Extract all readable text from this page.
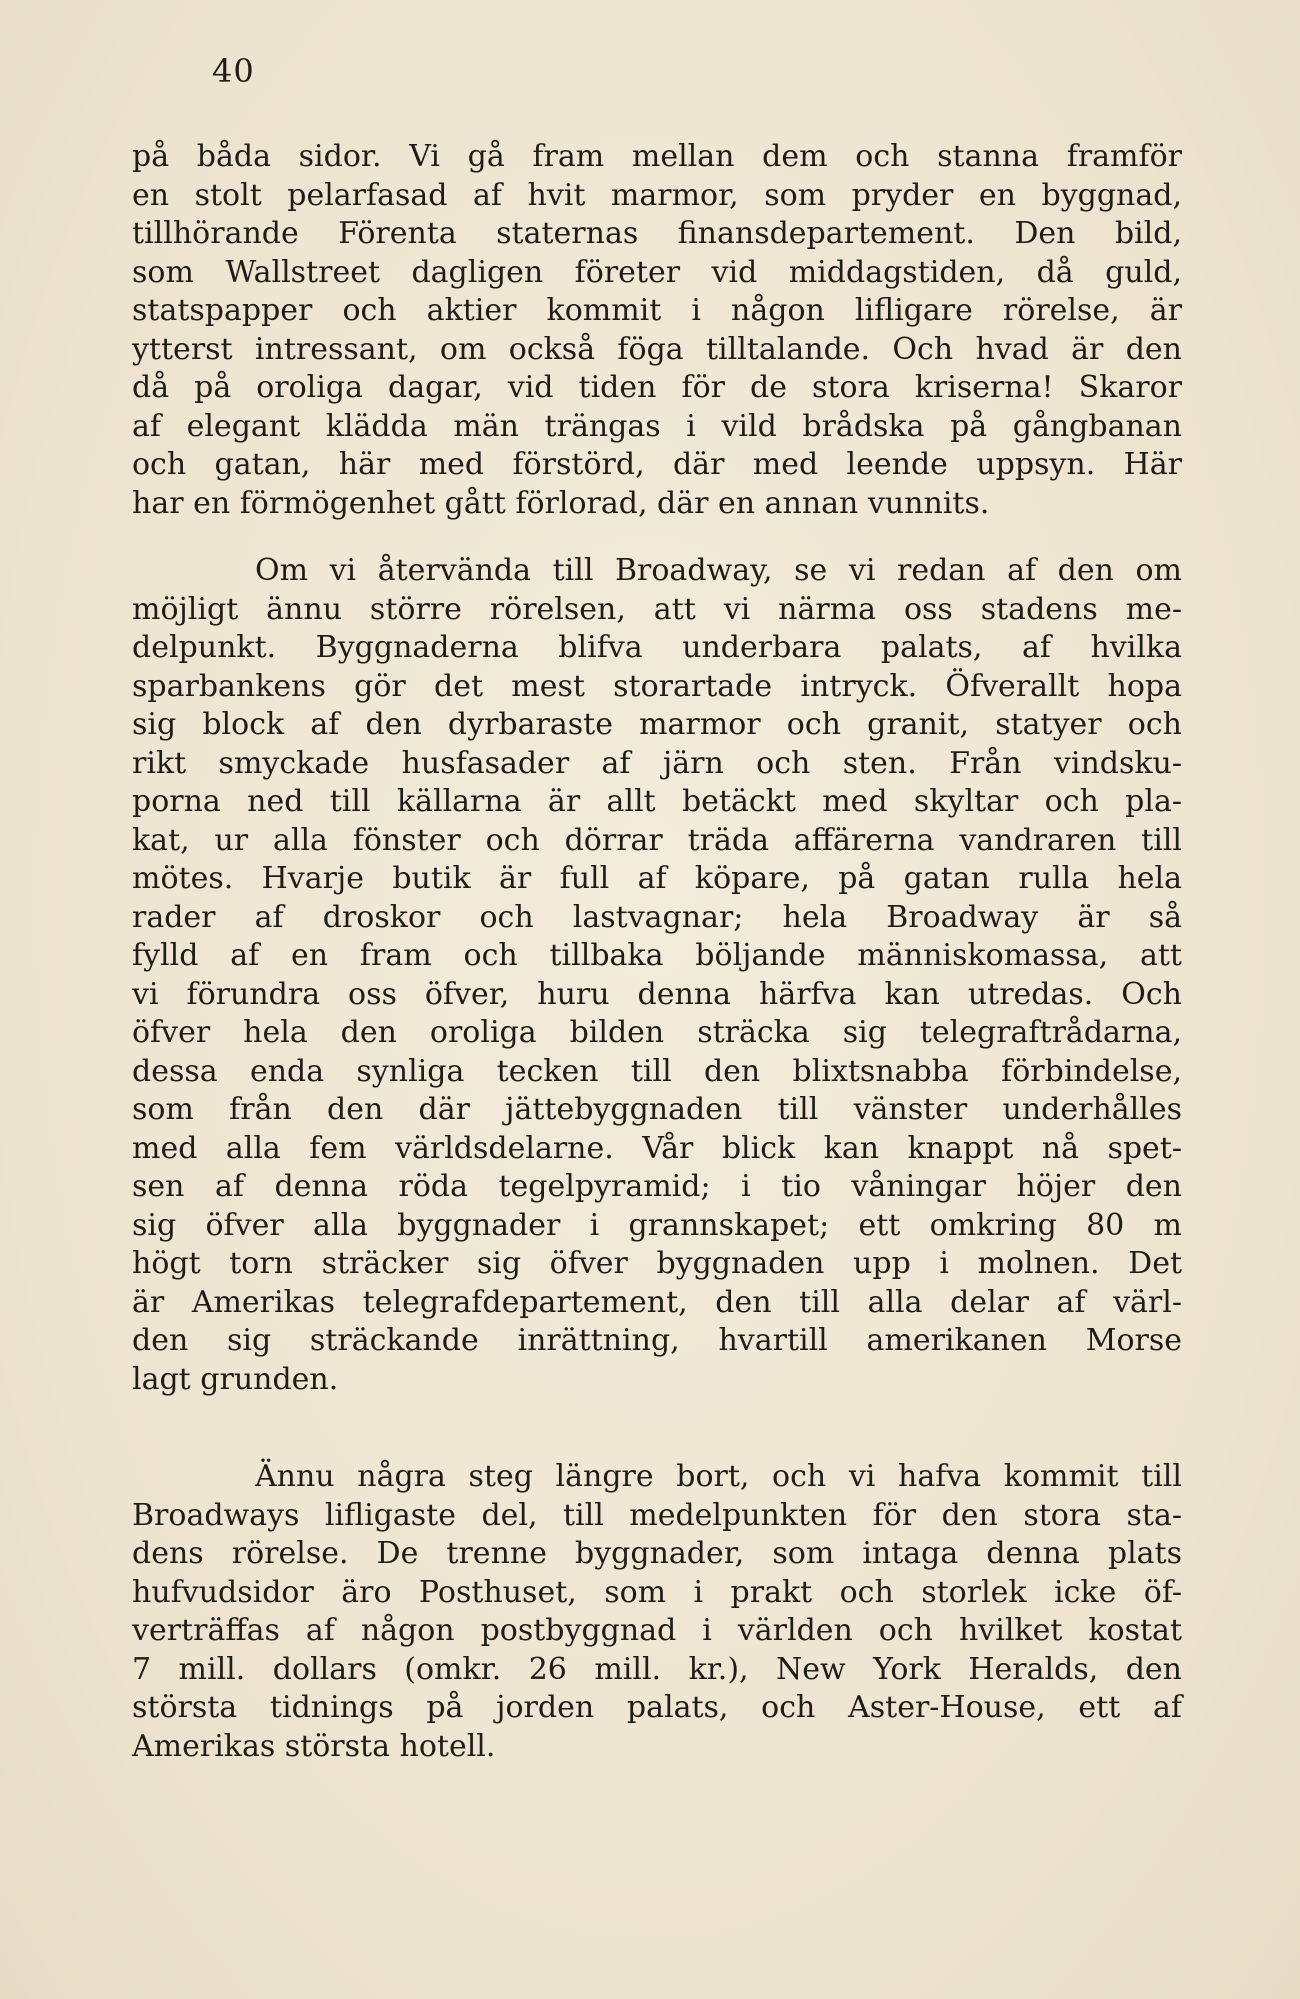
40
på båda sidor. Vi gå fram mellan dem och stanna framför
en stolt pelarfasad af hvit marmor, som pryder en byggnad,
tillhörande Förenta staternas finansdepartement. Den bild,
som Wallstreet dagligen företer vid middagstiden, då guld,
statspapper och aktier kommit i någon lifligare rörelse, är
ytterst intressant, om också föga tilltalande. Och hvad är den
då på oroliga dagar, vid tiden för de stora kriserna! Skaror
af elegant klädda män trängas i vild brådska på gångbanan
och gatan, här med förstörd, där med leende uppsyn. Här
har en förmögenhet gått förlorad, där en annan vunnits.
Om vi återvända till Broadway, se vi redan af den om
möjligt ännu större rörelsen, att vi närma oss stadens me-
delpunkt. Byggnaderna blifva underbara palats, af hvilka
sparbankens gör det mest storartade intryck. Öfverallt hopa
sig block af den dyrbaraste marmor och granit, statyer och
rikt smyckade husfasader af järn och sten. Från vindsku-
porna ned till källarna är allt betäckt med skyltar och pla-
kat, ur alla fönster och dörrar träda affärerna vandraren till
mötes. Hvarje butik är full af köpare, på gatan rulla hela
rader af droskor och lastvagnar; hela Broadway är så
fylld af en fram och tillbaka böljande människomassa, att
vi förundra oss öfver, huru denna härfva kan utredas. Och
öfver hela den oroliga bilden sträcka sig telegraftrådarna,
dessa enda synliga tecken till den blixtsnabba förbindelse,
som från den där jättebyggnaden till vänster underhålles
med alla fem världsdelarne. Vår blick kan knappt nå spet-
sen af denna röda tegelpyramid; i tio våningar höjer den
sig öfver alla byggnader i grannskapet; ett omkring 80 m
högt torn sträcker sig öfver byggnaden upp i molnen. Det
är Amerikas telegrafdepartement, den till alla delar af värl-
den sig sträckande inrättning, hvartill amerikanen Morse
lagt grunden.
Ännu några steg längre bort, och vi hafva kommit till
Broadways lifligaste del, till medelpunkten för den stora sta-
dens rörelse. De trenne byggnader, som intaga denna plats
hufvudsidor äro Posthuset, som i prakt och storlek icke öf-
verträffas af någon postbyggnad i världen och hvilket kostat
7 mill. dollars (omkr. 26 mill. kr.), New York Heralds, den
största tidnings på jorden palats, och Aster-House, ett af
Amerikas största hotell.
